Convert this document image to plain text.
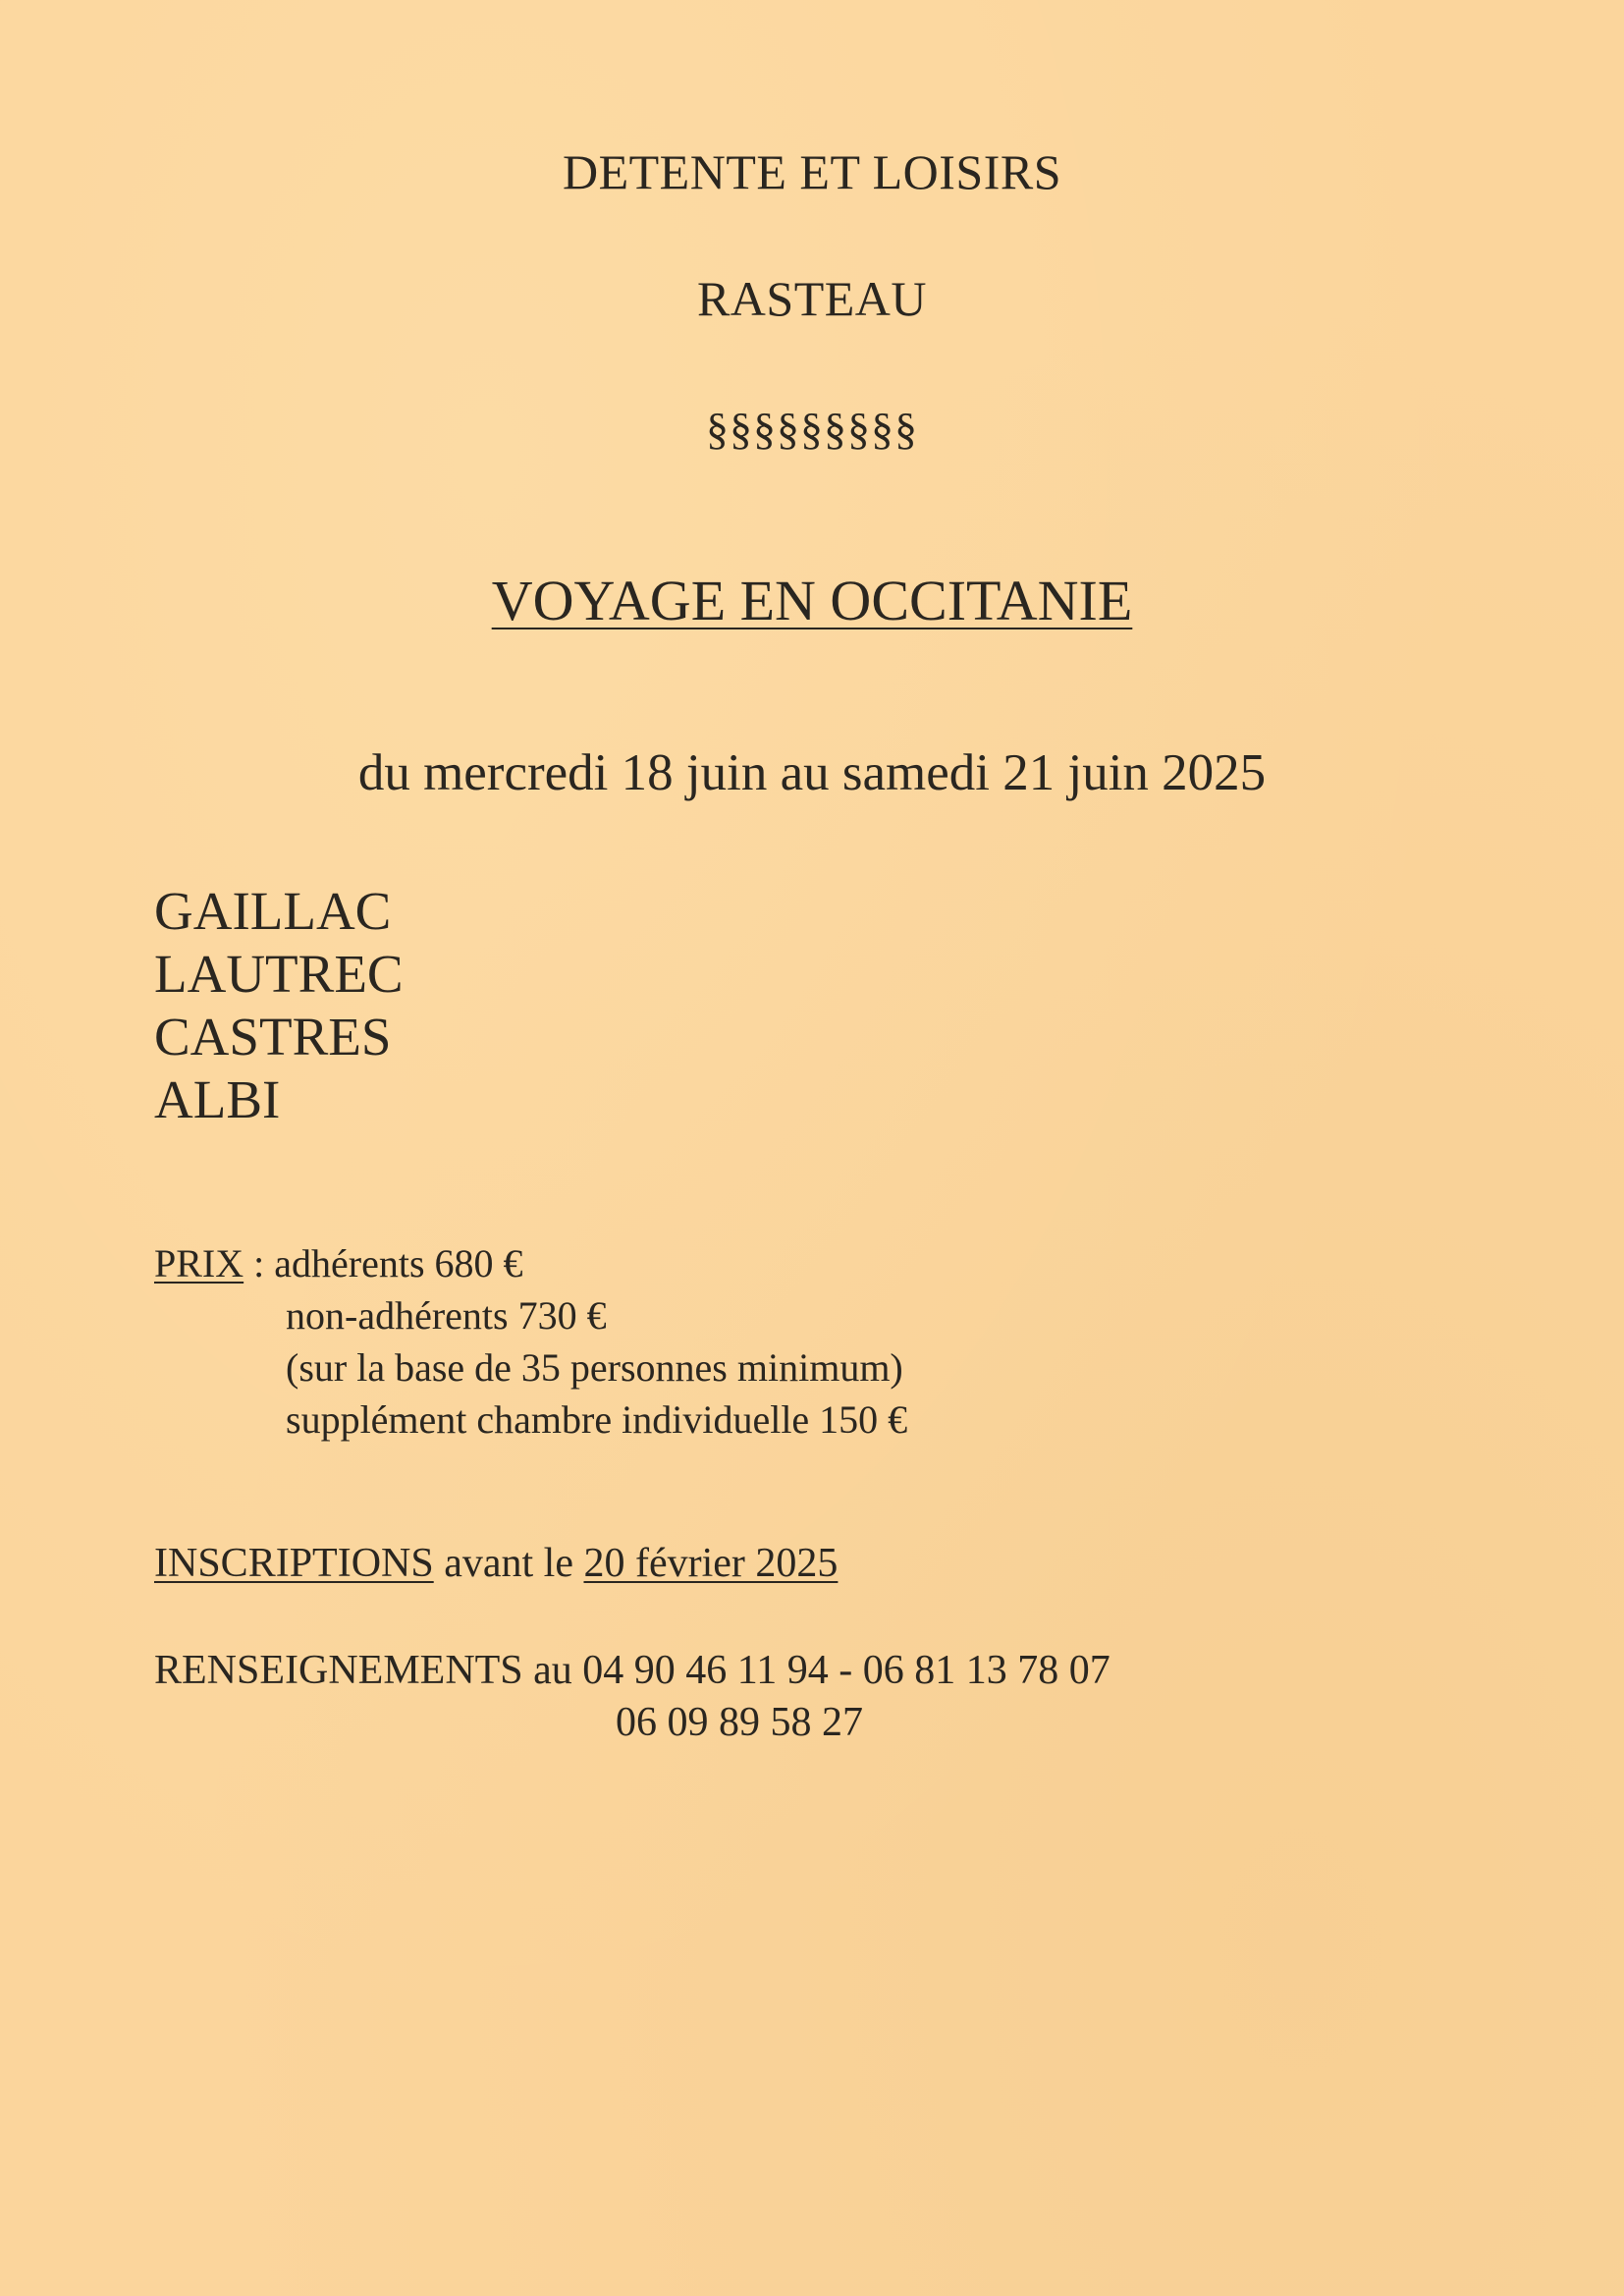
DETENTE ET LOISIRS
RASTEAU
§§§§§§§§§
VOYAGE EN OCCITANIE
du mercredi 18 juin au samedi 21 juin 2025
GAILLAC
LAUTREC
CASTRES
ALBI
PRIX : adhérents 680 €
non-adhérents 730 €
(sur la base de 35 personnes minimum)
supplément chambre individuelle 150 €
INSCRIPTIONS avant le 20 février 2025
RENSEIGNEMENTS au 04 90 46 11 94 - 06 81 13 78 07
06 09 89 58 27
